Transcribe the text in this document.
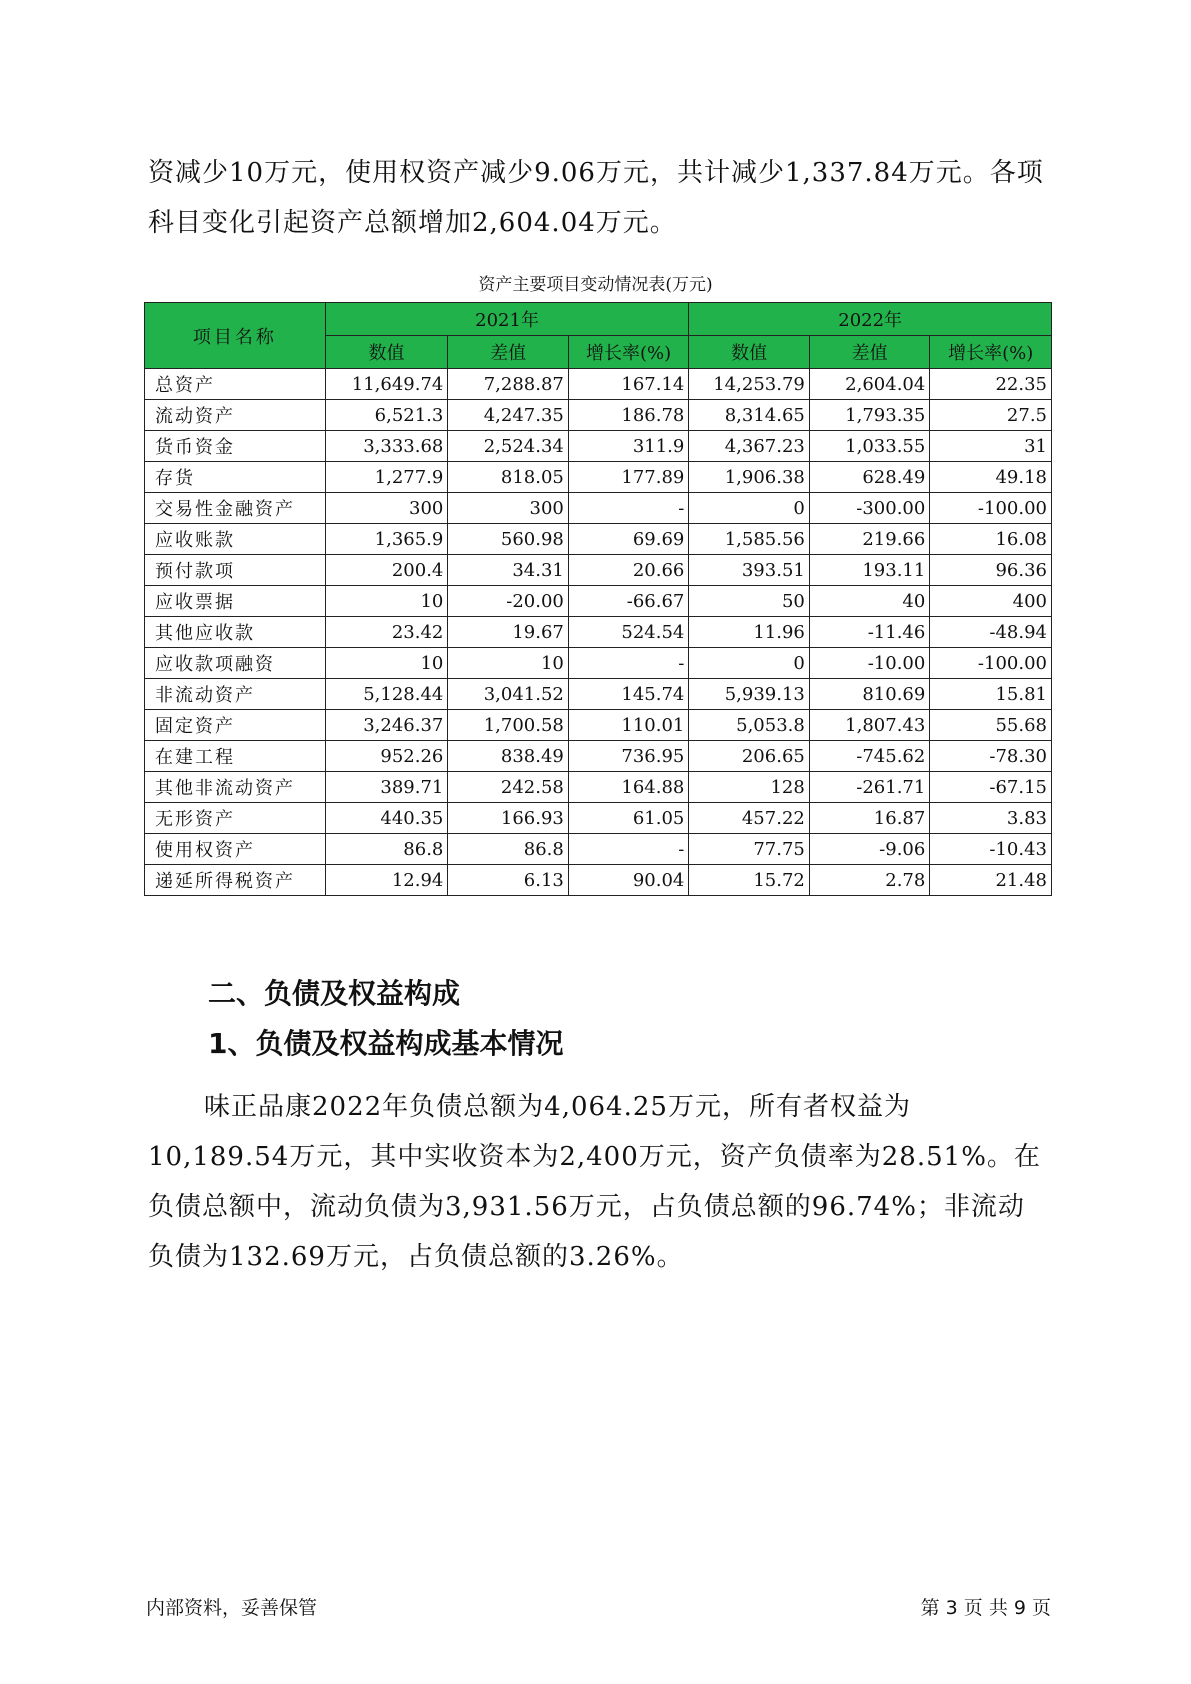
资减少10万元，使用权资产减少9.06万元，共计减少1,337.84万元。各项科目变化引起资产总额增加2,604.04万元。

资产主要项目变动情况表(万元)
项目名称	2021年			2022年		
	数值	差值	增长率(%)	数值	差值	增长率(%)
总资产	11,649.74	7,288.87	167.14	14,253.79	2,604.04	22.35
流动资产	6,521.3	4,247.35	186.78	8,314.65	1,793.35	27.5
货币资金	3,333.68	2,524.34	311.9	4,367.23	1,033.55	31
存货	1,277.9	818.05	177.89	1,906.38	628.49	49.18
交易性金融资产	300	300	-	0	-300.00	-100.00
应收账款	1,365.9	560.98	69.69	1,585.56	219.66	16.08
预付款项	200.4	34.31	20.66	393.51	193.11	96.36
应收票据	10	-20.00	-66.67	50	40	400
其他应收款	23.42	19.67	524.54	11.96	-11.46	-48.94
应收款项融资	10	10	-	0	-10.00	-100.00
非流动资产	5,128.44	3,041.52	145.74	5,939.13	810.69	15.81
固定资产	3,246.37	1,700.58	110.01	5,053.8	1,807.43	55.68
在建工程	952.26	838.49	736.95	206.65	-745.62	-78.30
其他非流动资产	389.71	242.58	164.88	128	-261.71	-67.15
无形资产	440.35	166.93	61.05	457.22	16.87	3.83
使用权资产	86.8	86.8	-	77.75	-9.06	-10.43
递延所得税资产	12.94	6.13	90.04	15.72	2.78	21.48
二、负债及权益构成
1、负债及权益构成基本情况

味正品康2022年负债总额为4,064.25万元，所有者权益为10,189.54万元，其中实收资本为2,400万元，资产负债率为28.51%。在负债总额中，流动负债为3,931.56万元，占负债总额的96.74%；非流动负债为132.69万元，占负债总额的3.26%。

内部资料，妥善保管	第 3 页 共 9 页
